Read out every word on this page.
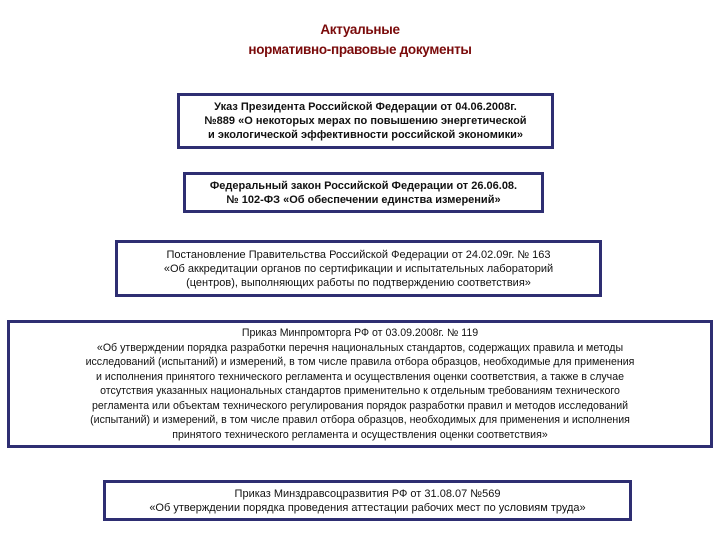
Актуальные
нормативно-правовые документы
Указ Президента Российской Федерации от 04.06.2008г.
№889 «О некоторых мерах по повышению энергетической
и экологической эффективности российской экономики»
Федеральный закон Российской Федерации от 26.06.08.
№ 102-ФЗ «Об обеспечении единства измерений»
Постановление Правительства Российской Федерации от 24.02.09г. № 163
«Об аккредитации органов по сертификации и испытательных лабораторий
(центров), выполняющих работы по подтверждению соответствия»
Приказ Минпромторга РФ от 03.09.2008г. № 119
«Об утверждении порядка разработки перечня национальных стандартов, содержащих правила и методы
исследований (испытаний) и измерений, в том числе правила отбора образцов, необходимые для применения
и исполнения принятого технического регламента и осуществления оценки соответствия, а также в случае
отсутствия указанных национальных стандартов применительно к отдельным требованиям технического
регламента или объектам технического регулирования порядок разработки правил и методов исследований
(испытаний) и измерений, в том числе правил отбора образцов, необходимых для применения и исполнения
принятого технического регламента и осуществления оценки соответствия»
Приказ Минздравсоцразвития РФ от 31.08.07 №569
«Об утверждении порядка проведения аттестации рабочих мест по условиям труда»
